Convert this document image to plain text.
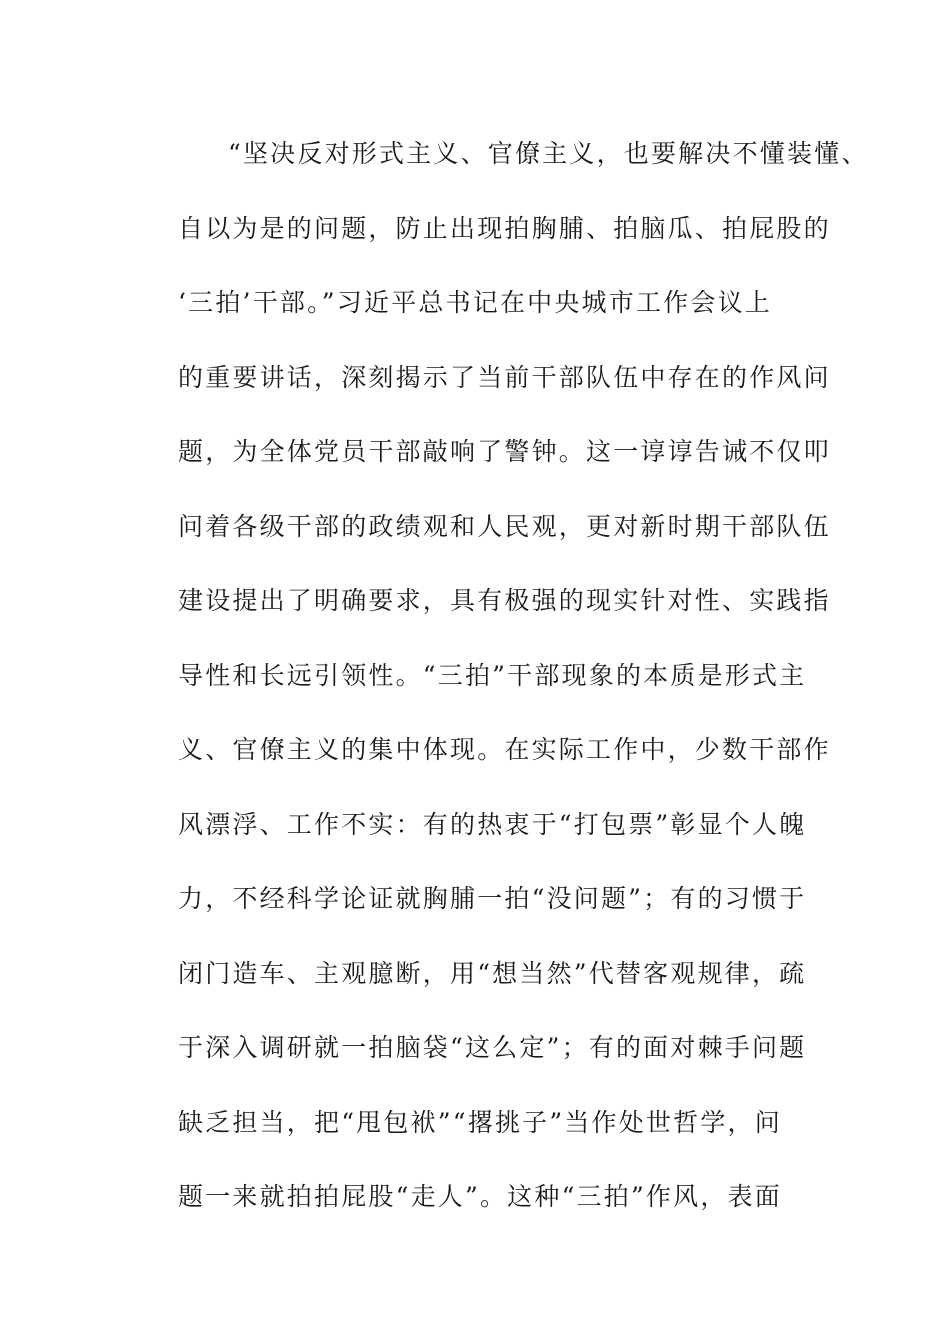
“坚决反对形式主义、官僚主义，也要解决不懂装懂、
自以为是的问题，防止出现拍胸脯、拍脑瓜、拍屁股的
‘三拍’干部。”习近平总书记在中央城市工作会议上
的重要讲话，深刻揭示了当前干部队伍中存在的作风问
题，为全体党员干部敲响了警钟。这一谆谆告诫不仅叩
问着各级干部的政绩观和人民观，更对新时期干部队伍
建设提出了明确要求，具有极强的现实针对性、实践指
导性和长远引领性。“三拍”干部现象的本质是形式主
义、官僚主义的集中体现。在实际工作中，少数干部作
风漂浮、工作不实：有的热衷于“打包票”彰显个人魄
力，不经科学论证就胸脯一拍“没问题”；有的习惯于
闭门造车、主观臆断，用“想当然”代替客观规律，疏
于深入调研就一拍脑袋“这么定”；有的面对棘手问题
缺乏担当，把“甩包袱”“撂挑子”当作处世哲学，问
题一来就拍拍屁股“走人”。这种“三拍”作风，表面
